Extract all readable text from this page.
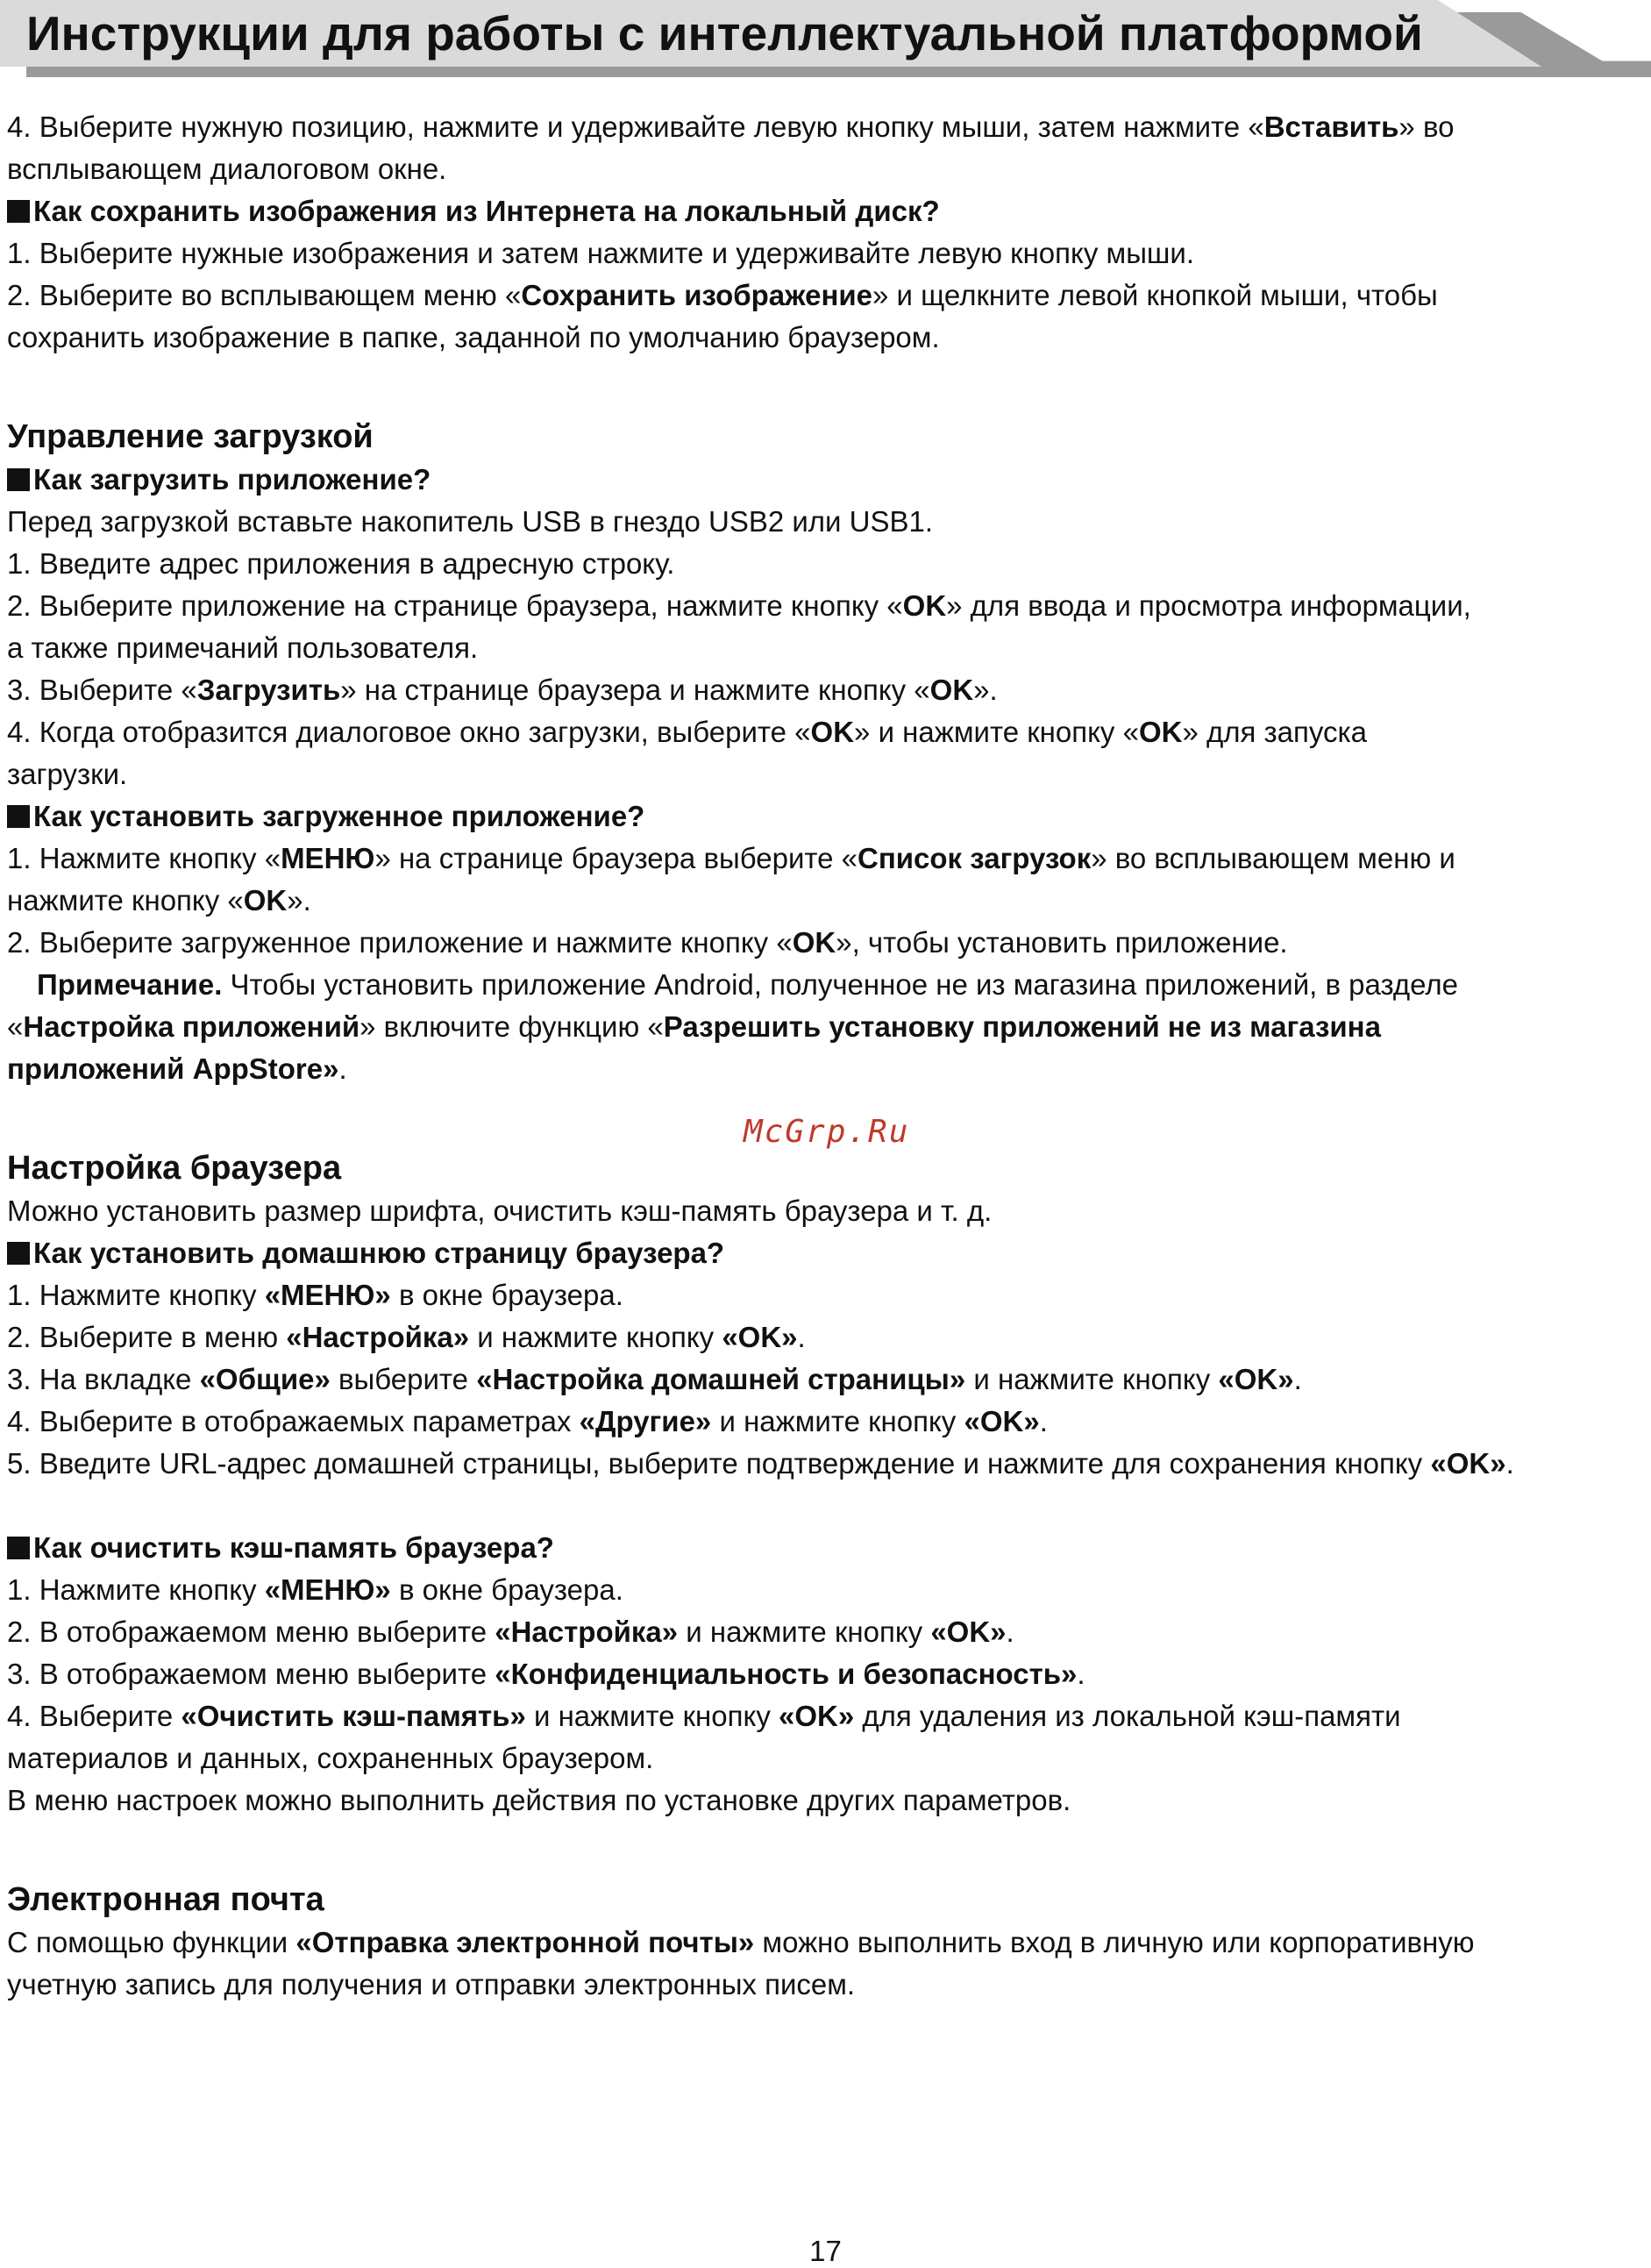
Инструкции для работы с интеллектуальной платформой
4. Выберите нужную позицию, нажмите и удерживайте левую кнопку мыши, затем нажмите «Вставить» во
всплывающем диалоговом окне.
Как сохранить изображения из Интернета на локальный диск?
1. Выберите нужные изображения и затем нажмите и удерживайте левую кнопку мыши.
2. Выберите во всплывающем меню «Сохранить изображение» и щелкните левой кнопкой мыши, чтобы
сохранить изображение в папке, заданной по умолчанию браузером.
Управление загрузкой
Как загрузить приложение?
Перед загрузкой вставьте накопитель USB в гнездо USB2 или USB1.
1. Введите адрес приложения в адресную строку.
2. Выберите приложение на странице браузера, нажмите кнопку «OK» для ввода и просмотра информации,
а также примечаний пользователя.
3. Выберите «Загрузить» на странице браузера и нажмите кнопку «OK».
4. Когда отобразится диалоговое окно загрузки, выберите «OK» и нажмите кнопку «OK» для запуска
загрузки.
Как установить загруженное приложение?
1. Нажмите кнопку «МЕНЮ» на странице браузера выберите «Список загрузок» во всплывающем меню и
нажмите кнопку «OK».
2. Выберите загруженное приложение и нажмите кнопку «OK», чтобы установить приложение.
Примечание. Чтобы установить приложение Android, полученное не из магазина приложений, в разделе
«Настройка приложений» включите функцию «Разрешить установку приложений не из магазина
приложений AppStore».
Настройка браузера
Можно установить размер шрифта, очистить кэш-память браузера и т. д.
Как установить домашнюю страницу браузера?
1. Нажмите кнопку «МЕНЮ» в окне браузера.
2. Выберите в меню «Настройка» и нажмите кнопку «OK».
3. На вкладке «Общие» выберите «Настройка домашней страницы» и нажмите кнопку «OK».
4. Выберите в отображаемых параметрах «Другие» и нажмите кнопку «OK».
5. Введите URL-адрес домашней страницы, выберите подтверждение и нажмите для сохранения кнопку «OK».
Как очистить кэш-память браузера?
1. Нажмите кнопку «МЕНЮ» в окне браузера.
2. В отображаемом меню выберите «Настройка» и нажмите кнопку «OK».
3. В отображаемом меню выберите «Конфиденциальность и безопасность».
4. Выберите «Очистить кэш-память» и нажмите кнопку «OK» для удаления из локальной кэш-памяти
материалов и данных, сохраненных браузером.
В меню настроек можно выполнить действия по установке других параметров.
Электронная почта
С помощью функции «Отправка электронной почты» можно выполнить вход в личную или корпоративную
учетную запись для получения и отправки электронных писем.
McGrp.Ru
17
